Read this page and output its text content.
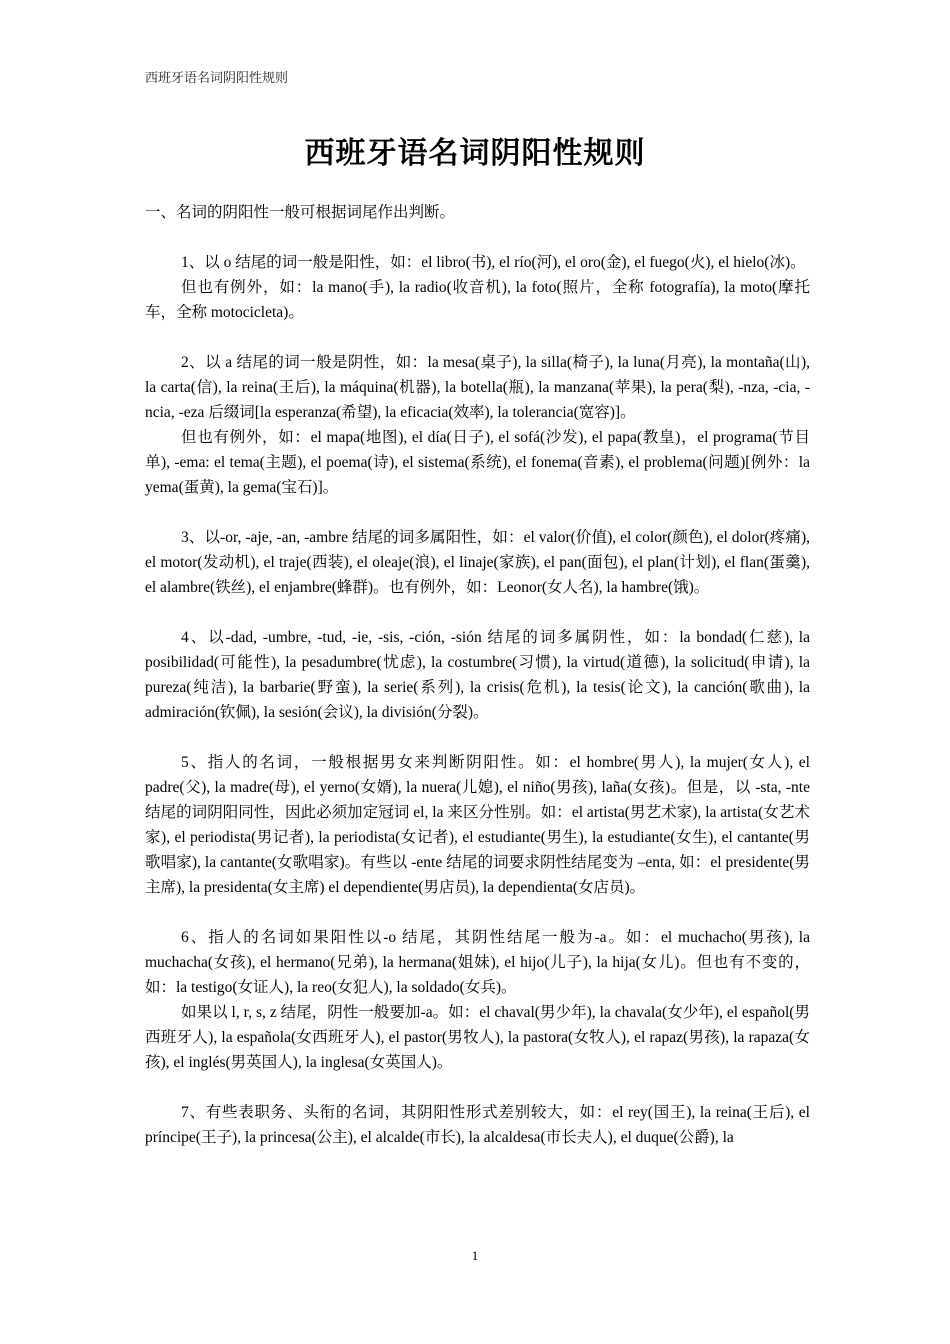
西班牙语名词阴阳性规则
西班牙语名词阴阳性规则

一、名词的阴阳性一般可根据词尾作出判断。

1、以 o 结尾的词一般是阳性，如：el libro(书), el río(河), el oro(金), el fuego(火), el hielo(冰)。

但也有例外，如：la mano(手), la radio(收音机), la foto(照片，全称 fotografía), la moto(摩托车，全称 motocicleta)。

2、以 a 结尾的词一般是阴性，如：la mesa(桌子), la silla(椅子), la luna(月亮), la montaña(山), la carta(信), la reina(王后), la máquina(机器), la botella(瓶), la manzana(苹果), la pera(梨), -nza, -cia, -ncia, -eza 后缀词[la esperanza(希望), la eficacia(效率), la tolerancia(宽容)]。

但也有例外，如：el mapa(地图), el día(日子), el sofá(沙发), el papa(教皇)，el programa(节目单), -ema: el tema(主题), el poema(诗), el sistema(系统), el fonema(音素), el problema(问题)[例外：la yema(蛋黄), la gema(宝石)]。

3、以-or, -aje, -an, -ambre 结尾的词多属阳性，如：el valor(价值), el color(颜色), el dolor(疼痛), el motor(发动机), el traje(西装), el oleaje(浪), el linaje(家族), el pan(面包), el plan(计划), el flan(蛋羹), el alambre(铁丝), el enjambre(蜂群)。也有例外，如：Leonor(女人名), la hambre(饿)。

4、以-dad, -umbre, -tud, -ie, -sis, -ción, -sión 结尾的词多属阴性，如：la bondad(仁慈), la posibilidad(可能性), la pesadumbre(忧虑), la costumbre(习惯), la virtud(道德), la solicitud(申请), la pureza(纯洁), la barbarie(野蛮), la serie(系列), la crisis(危机), la tesis(论文), la canción(歌曲), la admiración(钦佩), la sesión(会议), la división(分裂)。

5、指人的名词，一般根据男女来判断阴阳性。如：el hombre(男人), la mujer(女人), el padre(父), la madre(母), el yerno(女婿), la nuera(儿媳), el niño(男孩), laña(女孩)。但是，以 -sta, -nte 结尾的词阴阳同性，因此必须加定冠词 el, la 来区分性别。如：el artista(男艺术家), la artista(女艺术家), el periodista(男记者), la periodista(女记者), el estudiante(男生), la estudiante(女生), el cantante(男歌唱家), la cantante(女歌唱家)。有些以 -ente 结尾的词要求阴性结尾变为 –enta, 如：el presidente(男主席), la presidenta(女主席) el dependiente(男店员), la dependienta(女店员)。

6、指人的名词如果阳性以-o 结尾，其阴性结尾一般为-a。如：el muchacho(男孩), la muchacha(女孩), el hermano(兄弟), la hermana(姐妹), el hijo(儿子), la hija(女儿)。但也有不变的，如：la testigo(女证人), la reo(女犯人), la soldado(女兵)。

如果以 l, r, s, z 结尾，阴性一般要加-a。如：el chaval(男少年), la chavala(女少年), el español(男西班牙人), la española(女西班牙人), el pastor(男牧人), la pastora(女牧人), el rapaz(男孩), la rapaza(女孩), el inglés(男英国人), la inglesa(女英国人)。

7、有些表职务、头衔的名词，其阴阳性形式差别较大，如：el rey(国王), la reina(王后), el príncipe(王子), la princesa(公主), el alcalde(市长), la alcaldesa(市长夫人), el duque(公爵), la

1
